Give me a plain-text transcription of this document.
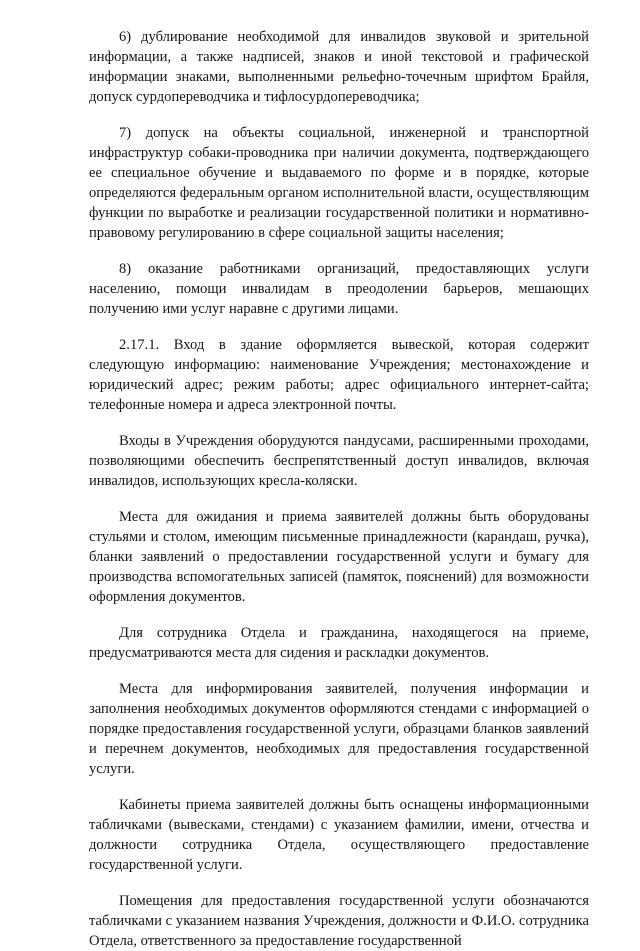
6) дублирование необходимой для инвалидов звуковой и зрительной информации, а также надписей, знаков и иной текстовой и графической информации знаками, выполненными рельефно-точечным шрифтом Брайля, допуск сурдопереводчика и тифлосурдопереводчика;

7) допуск на объекты социальной, инженерной и транспортной инфраструктур собаки-проводника при наличии документа, подтверждающего ее специальное обучение и выдаваемого по форме и в порядке, которые определяются федеральным органом исполнительной власти, осуществляющим функции по выработке и реализации государственной политики и нормативно-правовому регулированию в сфере социальной защиты населения;

8) оказание работниками организаций, предоставляющих услуги населению, помощи инвалидам в преодолении барьеров, мешающих получению ими услуг наравне с другими лицами.

2.17.1. Вход в здание оформляется вывеской, которая содержит следующую информацию: наименование Учреждения; местонахождение и юридический адрес; режим работы; адрес официального интернет-сайта; телефонные номера и адреса электронной почты.

Входы в Учреждения оборудуются пандусами, расширенными проходами, позволяющими обеспечить беспрепятственный доступ инвалидов, включая инвалидов, использующих кресла-коляски.

Места для ожидания и приема заявителей должны быть оборудованы стульями и столом, имеющим письменные принадлежности (карандаш, ручка), бланки заявлений о предоставлении государственной услуги и бумагу для производства вспомогательных записей (памяток, пояснений) для возможности оформления документов.

Для сотрудника Отдела и гражданина, находящегося на приеме, предусматриваются места для сидения и раскладки документов.

Места для информирования заявителей, получения информации и заполнения необходимых документов оформляются стендами с информацией о порядке предоставления государственной услуги, образцами бланков заявлений и перечнем документов, необходимых для предоставления государственной услуги.

Кабинеты приема заявителей должны быть оснащены информационными табличками (вывесками, стендами) с указанием фамилии, имени, отчества и должности сотрудника Отдела, осуществляющего предоставление государственной услуги.

Помещения для предоставления государственной услуги обозначаются табличками с указанием названия Учреждения, должности и Ф.И.О. сотрудника Отдела, ответственного за предоставление государственной
